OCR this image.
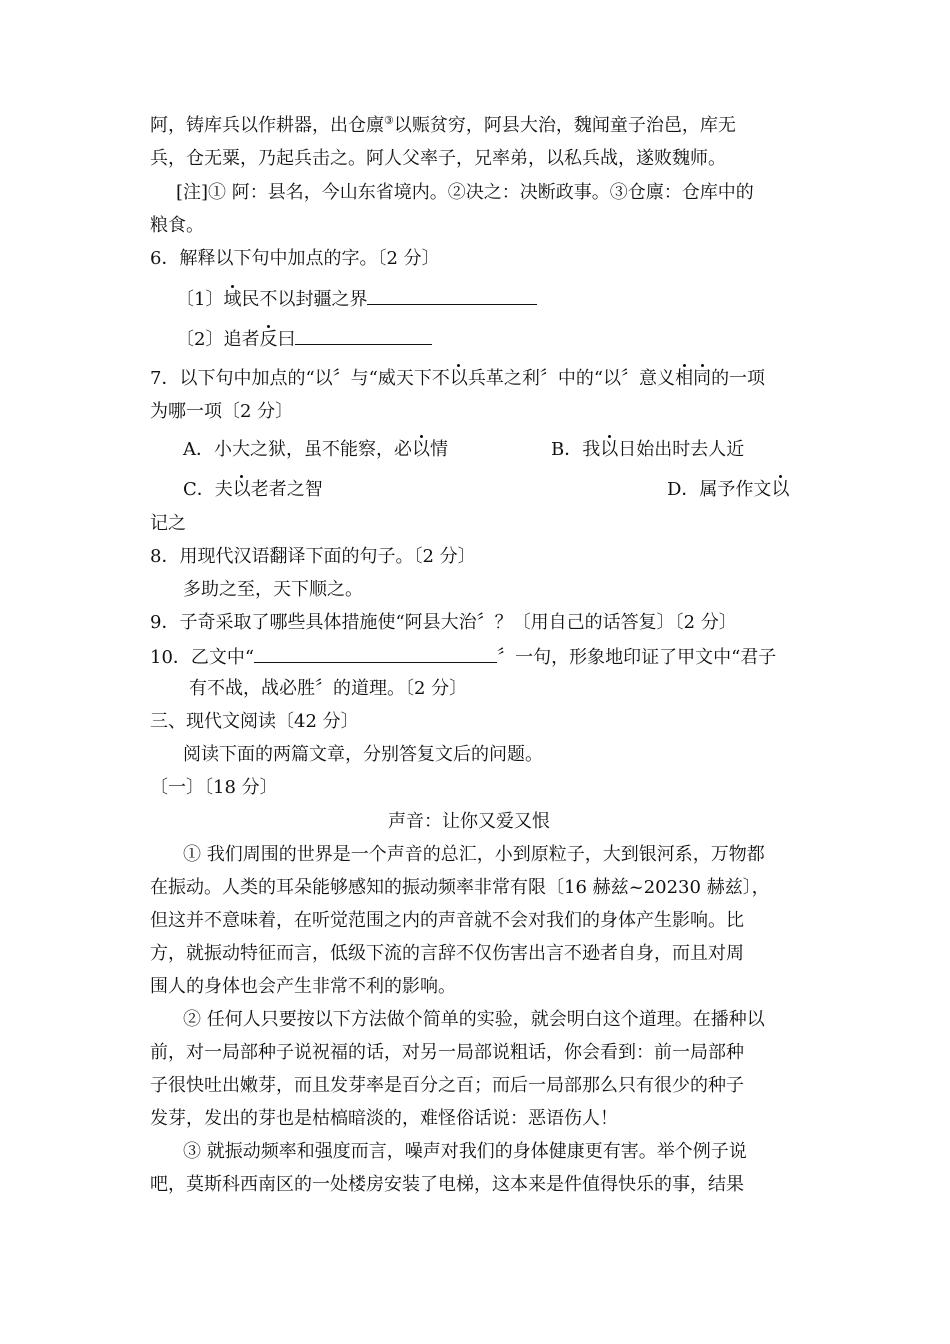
阿，铸库兵以作耕器，出仓廪③以赈贫穷，阿县大治，魏闻童子治邑，库无

兵，仓无粟，乃起兵击之。阿人父率子，兄率弟，以私兵战，遂败魏师。

[注]① 阿：县名，今山东省境内。②决之：决断政事。③仓廪：仓库中的

粮食。

6．解释以下句中加点的字。〔2 分〕

〔1〕域民不以封疆之界

〔2〕追者反曰

7．以下句中加点的“以〞与“威天下不以兵革之利〞中的“以〞意义相同的一项

为哪一项〔2 分〕

A．小大之狱，虽不能察，必以情	B．我以日始出时去人近

C．夫以老者之智	D．属予作文以

记之

8．用现代汉语翻译下面的句子。〔2 分〕

多助之至，天下顺之。

9．子奇采取了哪些具体措施使“阿县大治〞？〔用自己的话答复〕〔2 分〕

10．乙文中“	〞一句，形象地印证了甲文中“君子

有不战，战必胜〞的道理。〔2 分〕

三、现代文阅读〔42 分〕

阅读下面的两篇文章，分别答复文后的问题。

〔一〕〔18 分〕

声音：让你又爱又恨

① 我们周围的世界是一个声音的总汇，小到原粒子，大到银河系，万物都

在振动。人类的耳朵能够感知的振动频率非常有限〔16 赫兹~20230 赫兹〕，

但这并不意味着，在听觉范围之内的声音就不会对我们的身体产生影响。比

方，就振动特征而言，低级下流的言辞不仅伤害出言不逊者自身，而且对周

围人的身体也会产生非常不利的影响。

② 任何人只要按以下方法做个简单的实验，就会明白这个道理。在播种以

前，对一局部种子说祝福的话，对另一局部说粗话，你会看到：前一局部种

子很快吐出嫩芽，而且发芽率是百分之百；而后一局部那么只有很少的种子

发芽，发出的芽也是枯槁暗淡的，难怪俗话说：恶语伤人！

③ 就振动频率和强度而言，噪声对我们的身体健康更有害。举个例子说

吧，莫斯科西南区的一处楼房安装了电梯，这本来是件值得快乐的事，结果
